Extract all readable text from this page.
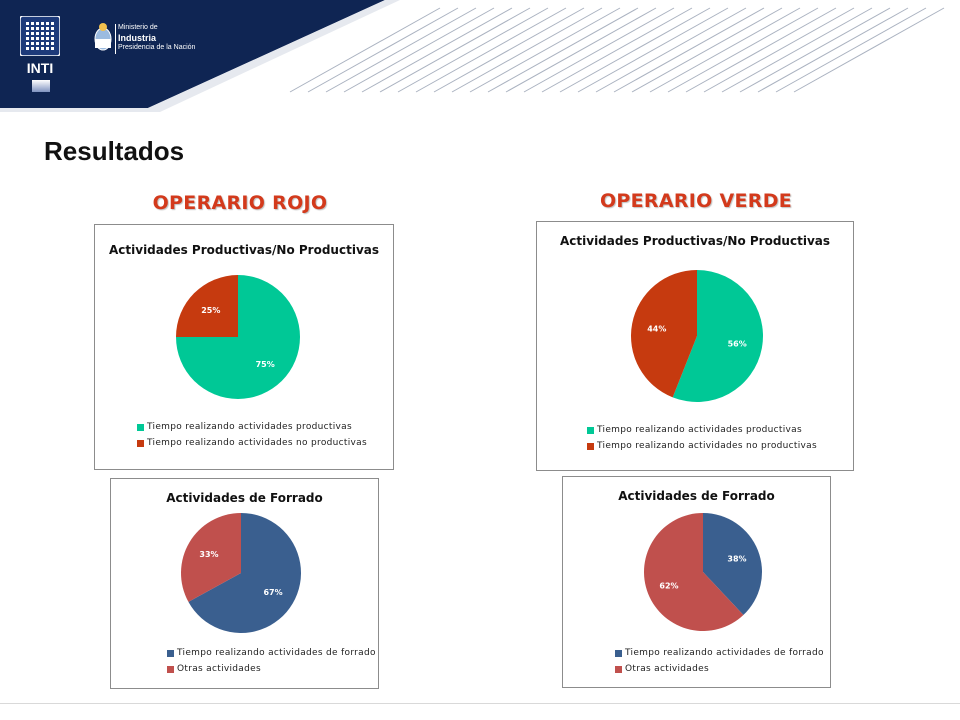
INTI
Ministerio de
Industria
Presidencia de la Nación
Resultados
OPERARIO ROJO	OPERARIO VERDE
Actividades Productivas/No Productivas
75%
25%
Tiempo realizando actividades productivas
Tiempo realizando actividades no productivas
Actividades Productivas/No Productivas
56%
44%
Tiempo realizando actividades productivas
Tiempo realizando actividades no productivas
Actividades de Forrado
67%
33%
Tiempo realizando actividades de forrado
Otras actividades
Actividades de Forrado
38%
62%
Tiempo realizando actividades de forrado
Otras actividades
